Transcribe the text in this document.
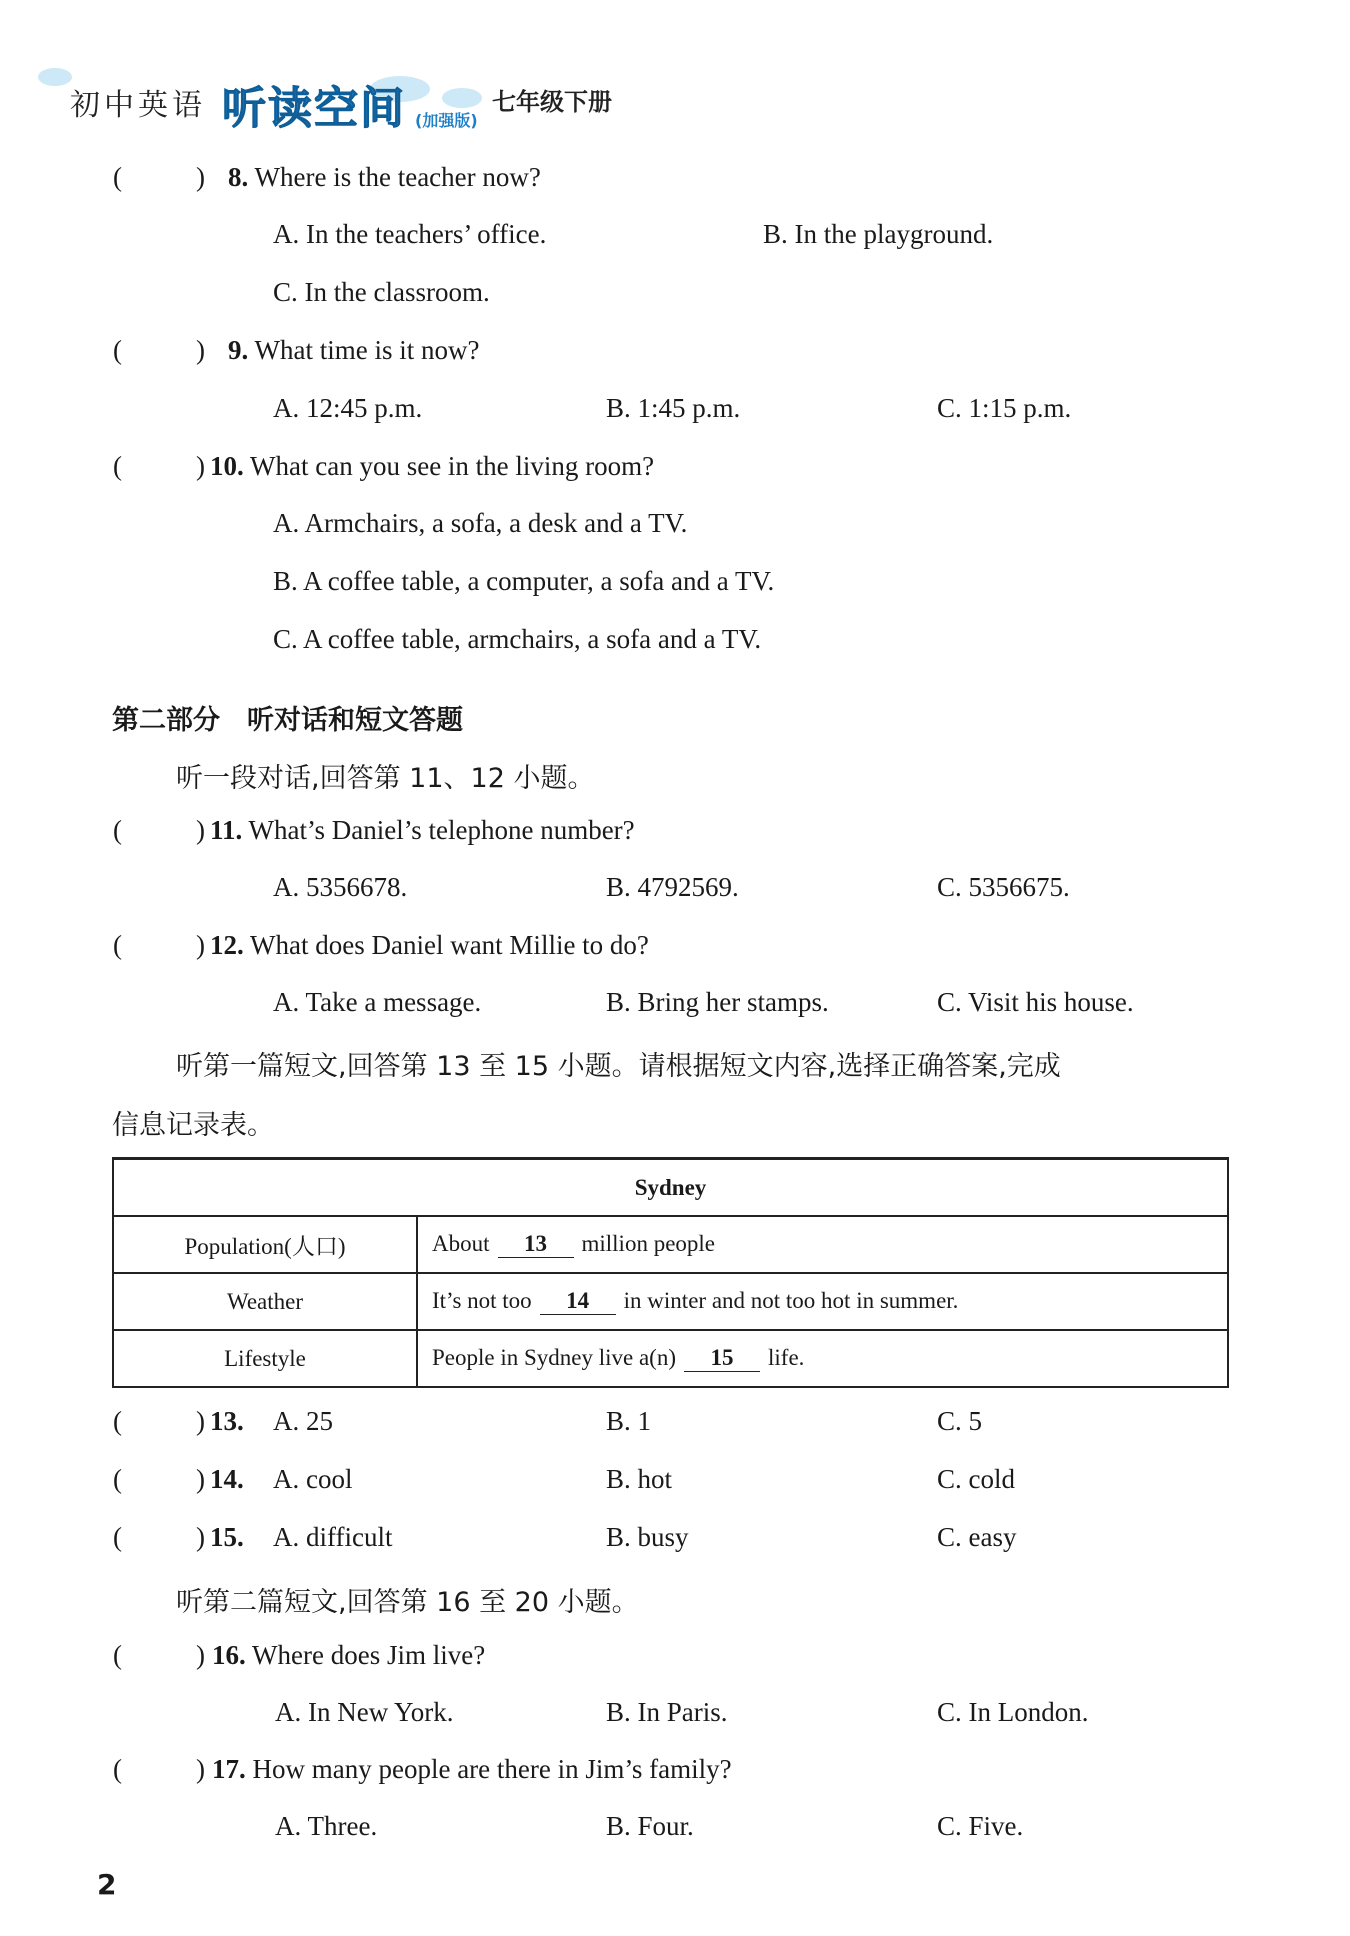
初中英语 听读空间 (加强版)
七年级下册
(	) 8. Where is the teacher now?
A. In the teachers’ office.	B. In the playground.
C. In the classroom.
(	) 9. What time is it now?
A. 12:45 p.m.	B. 1:45 p.m.	C. 1:15 p.m.
(	) 10. What can you see in the living room?
A. Armchairs, a sofa, a desk and a TV.
B. A coffee table, a computer, a sofa and a TV.
C. A coffee table, armchairs, a sofa and a TV.
第二部分　听对话和短文答题
听一段对话,回答第 11、12 小题。
(	) 11. What’s Daniel’s telephone number?
A. 5356678.	B. 4792569.	C. 5356675.
(	) 12. What does Daniel want Millie to do?
A. Take a message.	B. Bring her stamps.	C. Visit his house.
听第一篇短文,回答第 13 至 15 小题。请根据短文内容,选择正确答案,完成
信息记录表。
Sydney	
Population(人口)	About 13 million people
Weather	It’s not too 14 in winter and not too hot in summer.
Lifestyle	People in Sydney live a(n) 15 life.
(	) 13. A. 25	B. 1	C. 5
(	) 14. A. cool	B. hot	C. cold
(	) 15. A. difficult	B. busy	C. easy
听第二篇短文,回答第 16 至 20 小题。
(	) 16. Where does Jim live?
A. In New York.	B. In Paris.	C. In London.
(	) 17. How many people are there in Jim’s family?
A. Three.	B. Four.	C. Five.
2
